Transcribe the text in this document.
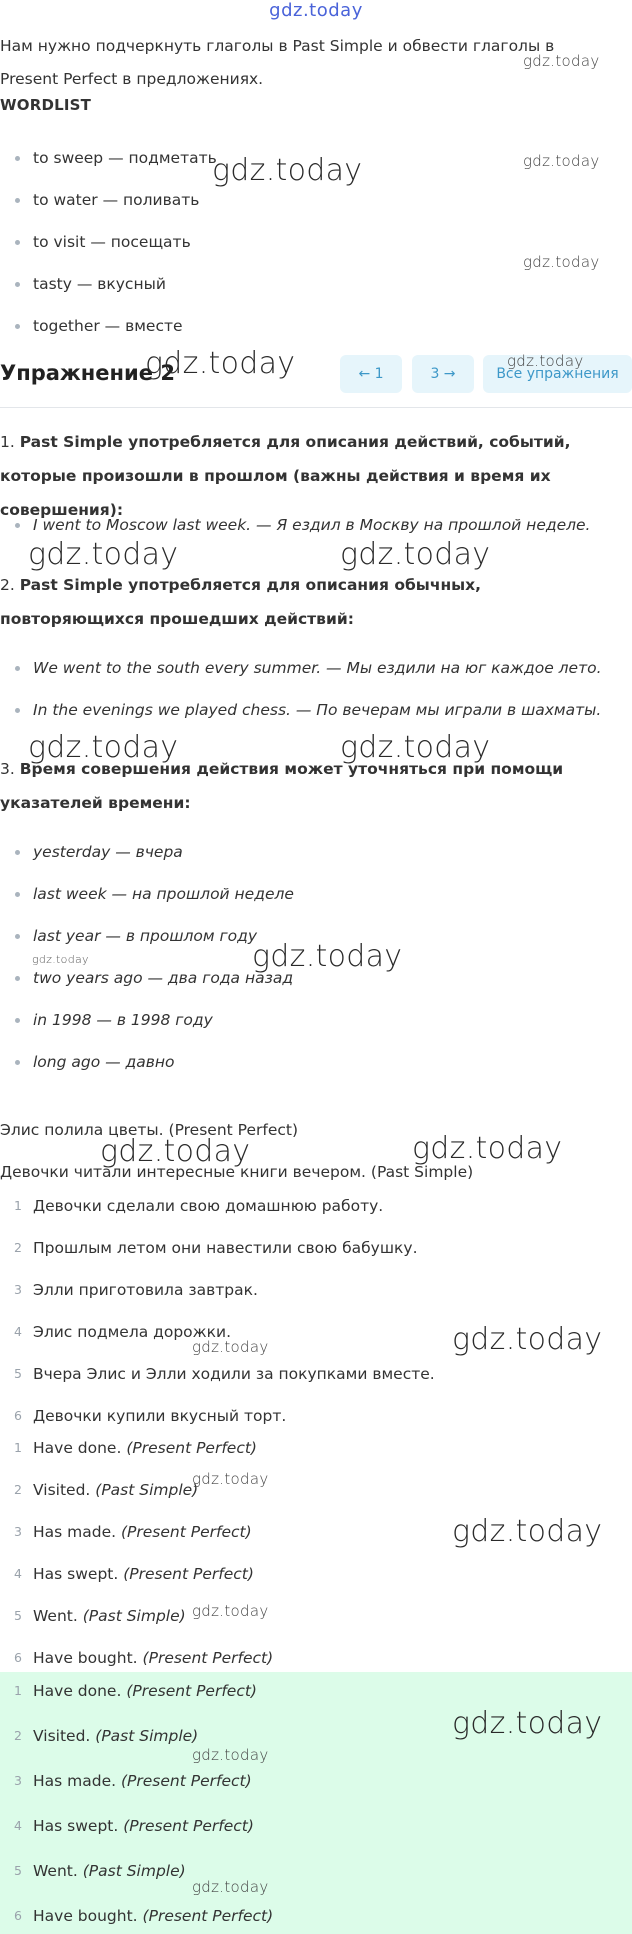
gdz.today
Нам нужно подчеркнуть глаголы в Past Simple и обвести глаголы в Present Perfect в предложениях.
WORDLIST
to sweep — подметать
to water — поливать
to visit — посещать
tasty — вкусный
together — вместе
Упражнение 2	← 1	3 →	Все упражнения
1. Past Simple употребляется для описания действий, событий, которые произошли в прошлом (важны действия и время их совершения):
I went to Moscow last week. — Я ездил в Москву на прошлой неделе.
2. Past Simple употребляется для описания обычных, повторяющихся прошедших действий:
We went to the south every summer. — Мы ездили на юг каждое лето.
In the evenings we played chess. — По вечерам мы играли в шахматы.
3. Время совершения действия может уточняться при помощи указателей времени:
yesterday — вчера
last week — на прошлой неделе
last year — в прошлом году
two years ago — два года назад
in 1998 — в 1998 году
long ago — давно
Элис полила цветы. (Present Perfect)
Девочки читали интересные книги вечером. (Past Simple)
1 Девочки сделали свою домашнюю работу.
2 Прошлым летом они навестили свою бабушку.
3 Элли приготовила завтрак.
4 Элис подмела дорожки.
5 Вчера Элис и Элли ходили за покупками вместе.
6 Девочки купили вкусный торт.
1 Have done. (Present Perfect)
2 Visited. (Past Simple)
3 Has made. (Present Perfect)
4 Has swept. (Present Perfect)
5 Went. (Past Simple)
6 Have bought. (Present Perfect)
1 Have done. (Present Perfect)
2 Visited. (Past Simple)
3 Has made. (Present Perfect)
4 Has swept. (Present Perfect)
5 Went. (Past Simple)
6 Have bought. (Present Perfect)
gdz.today
gdz.today	gdz.today
gdz.today
gdz.today	gdz.today
gdz.today	gdz.today
gdz.today	gdz.today
gdz.today	gdz.today
gdz.today	gdz.today
gdz.today
gdz.today
gdz.today
gdz.today
gdz.today
gdz.today
gdz.today
gdz.today
